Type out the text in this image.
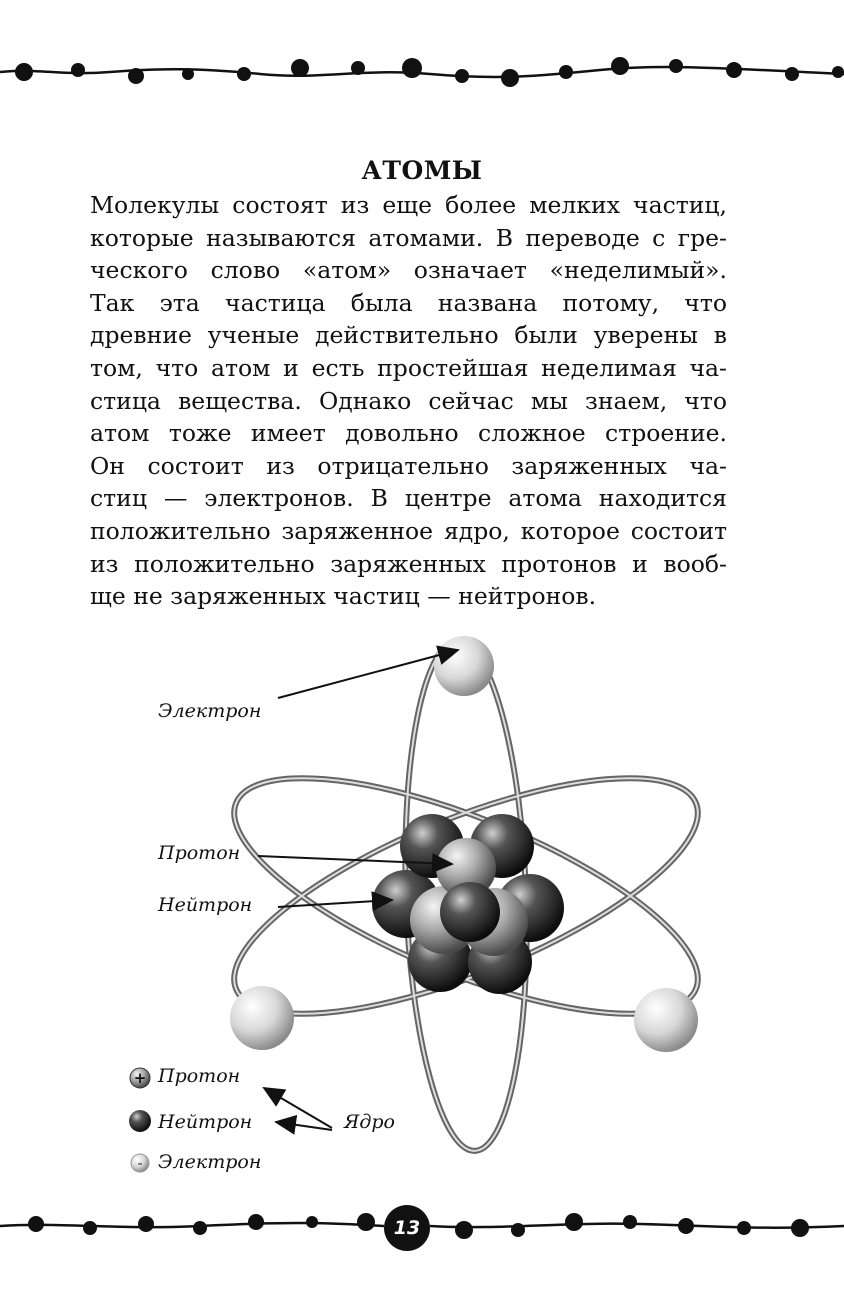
АТОМЫ
Молекулы состоят из еще более мелких частиц,
которые называются атомами. В переводе с гре-
ческого слово «атом» означает «неделимый».
Так эта частица была названа потому, что
древние ученые действительно были уверены в
том, что атом и есть простейшая неделимая ча-
стица вещества. Однако сейчас мы знаем, что
атом тоже имеет довольно сложное строение.
Он состоит из отрицательно заряженных ча-
стиц — электронов. В центре атома находится
положительно заряженное ядро, которое состоит
из положительно заряженных протонов и вооб-
ще не заряженных частиц — нейтронов.
+
-
Электрон
Протон
Нейтрон
Протон
Нейтрон
Электрон
Ядро
13
